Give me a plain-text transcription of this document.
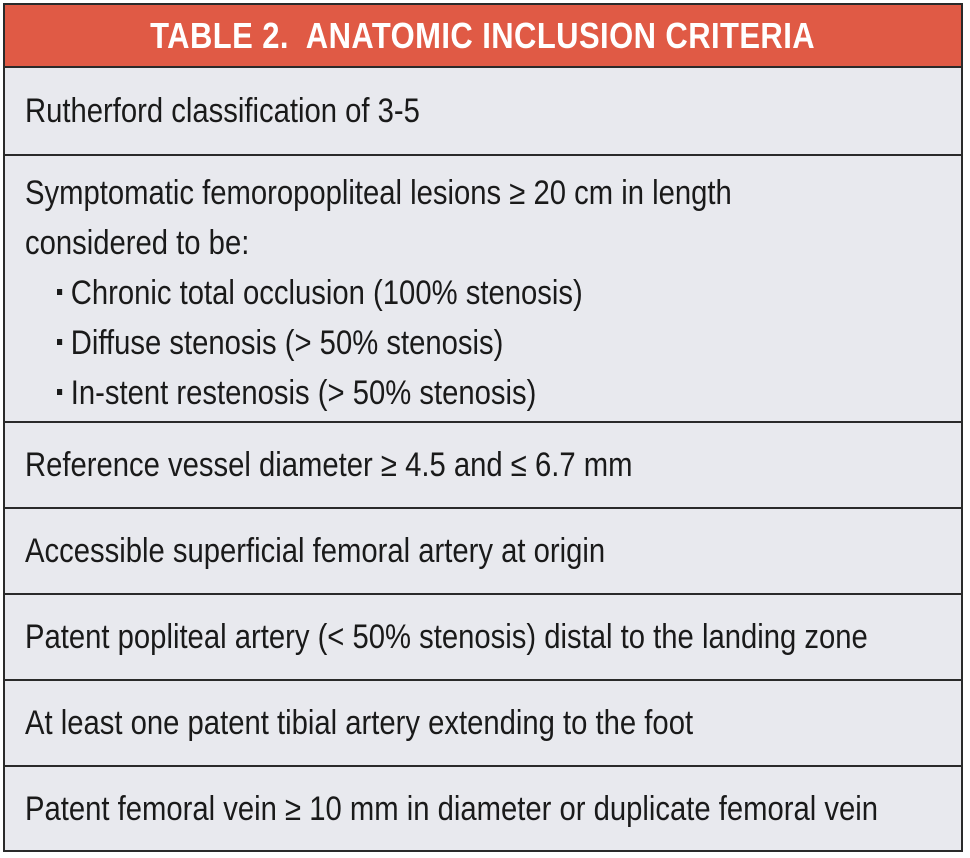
TABLE 2.  ANATOMIC INCLUSION CRITERIA
Rutherford classification of 3-5
Symptomatic femoropopliteal lesions ≥ 20 cm in length
considered to be:
Chronic total occlusion (100% stenosis)
Diffuse stenosis (> 50% stenosis)
In-stent restenosis (> 50% stenosis)
Reference vessel diameter ≥ 4.5 and ≤ 6.7 mm
Accessible superficial femoral artery at origin
Patent popliteal artery (< 50% stenosis) distal to the landing zone
At least one patent tibial artery extending to the foot
Patent femoral vein ≥ 10 mm in diameter or duplicate femoral vein
